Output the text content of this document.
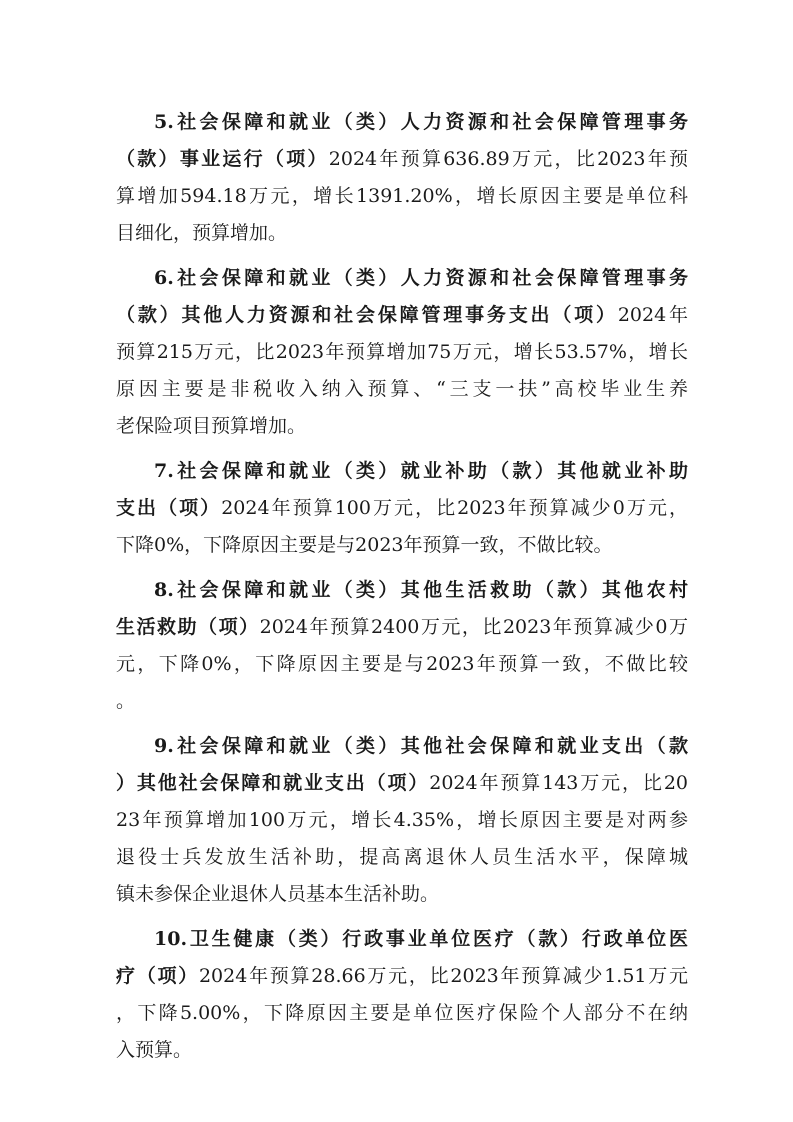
5.社会保障和就业（类）人力资源和社会保障管理事务
（款）事业运行（项）2024年预算636.89万元，比2023年预
算增加594.18万元，增长1391.20%，增长原因主要是单位科
目细化，预算增加。
6.社会保障和就业（类）人力资源和社会保障管理事务
（款）其他人力资源和社会保障管理事务支出（项）2024年
预算215万元，比2023年预算增加75万元，增长53.57%，增长
原因主要是非税收入纳入预算、“三支一扶”高校毕业生养
老保险项目预算增加。
7.社会保障和就业（类）就业补助（款）其他就业补助
支出（项）2024年预算100万元，比2023年预算减少0万元，
下降0%，下降原因主要是与2023年预算一致，不做比较。
8.社会保障和就业（类）其他生活救助（款）其他农村
生活救助（项）2024年预算2400万元，比2023年预算减少0万
元，下降0%，下降原因主要是与2023年预算一致，不做比较
。
9.社会保障和就业（类）其他社会保障和就业支出（款
）其他社会保障和就业支出（项）2024年预算143万元，比20
23年预算增加100万元，增长4.35%，增长原因主要是对两参
退役士兵发放生活补助，提高离退休人员生活水平，保障城
镇未参保企业退休人员基本生活补助。
10.卫生健康（类）行政事业单位医疗（款）行政单位医
疗（项）2024年预算28.66万元，比2023年预算减少1.51万元
，下降5.00%，下降原因主要是单位医疗保险个人部分不在纳
入预算。
